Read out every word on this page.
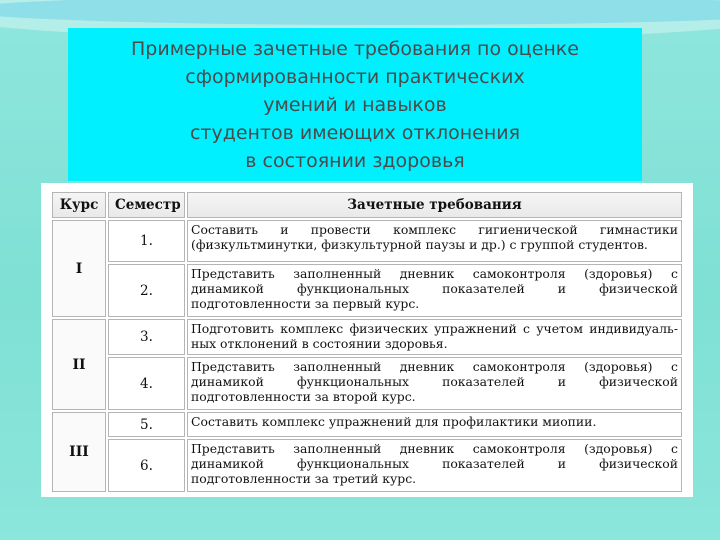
Примерные зачетные требования по оценке
сформированности практических
умений и навыков
студентов имеющих отклонения
в состоянии здоровья
Курс	Семестр	Зачетные требования
I	1.	Составить и провести комплекс гигиенической гимнастики (физкультминутки, физкультурной паузы и др.) с группой студентов.
	2.	Представить заполненный дневник самоконтроля (здоровья) с динамикой функциональных показателей и физической подготовленности за первый курс.
II	3.	Подготовить комплекс физических упражнений с учетом индивидуальных отклонений в состоянии здоровья.
	4.	Представить заполненный дневник самоконтроля (здоровья) с динамикой функциональных показателей и физической подготовленности за второй курс.
III	5.	Составить комплекс упражнений для профилактики миопии.
	6.	Представить заполненный дневник самоконтроля (здоровья) с динамикой функциональных показателей и физической подготовленности за третий курс.
